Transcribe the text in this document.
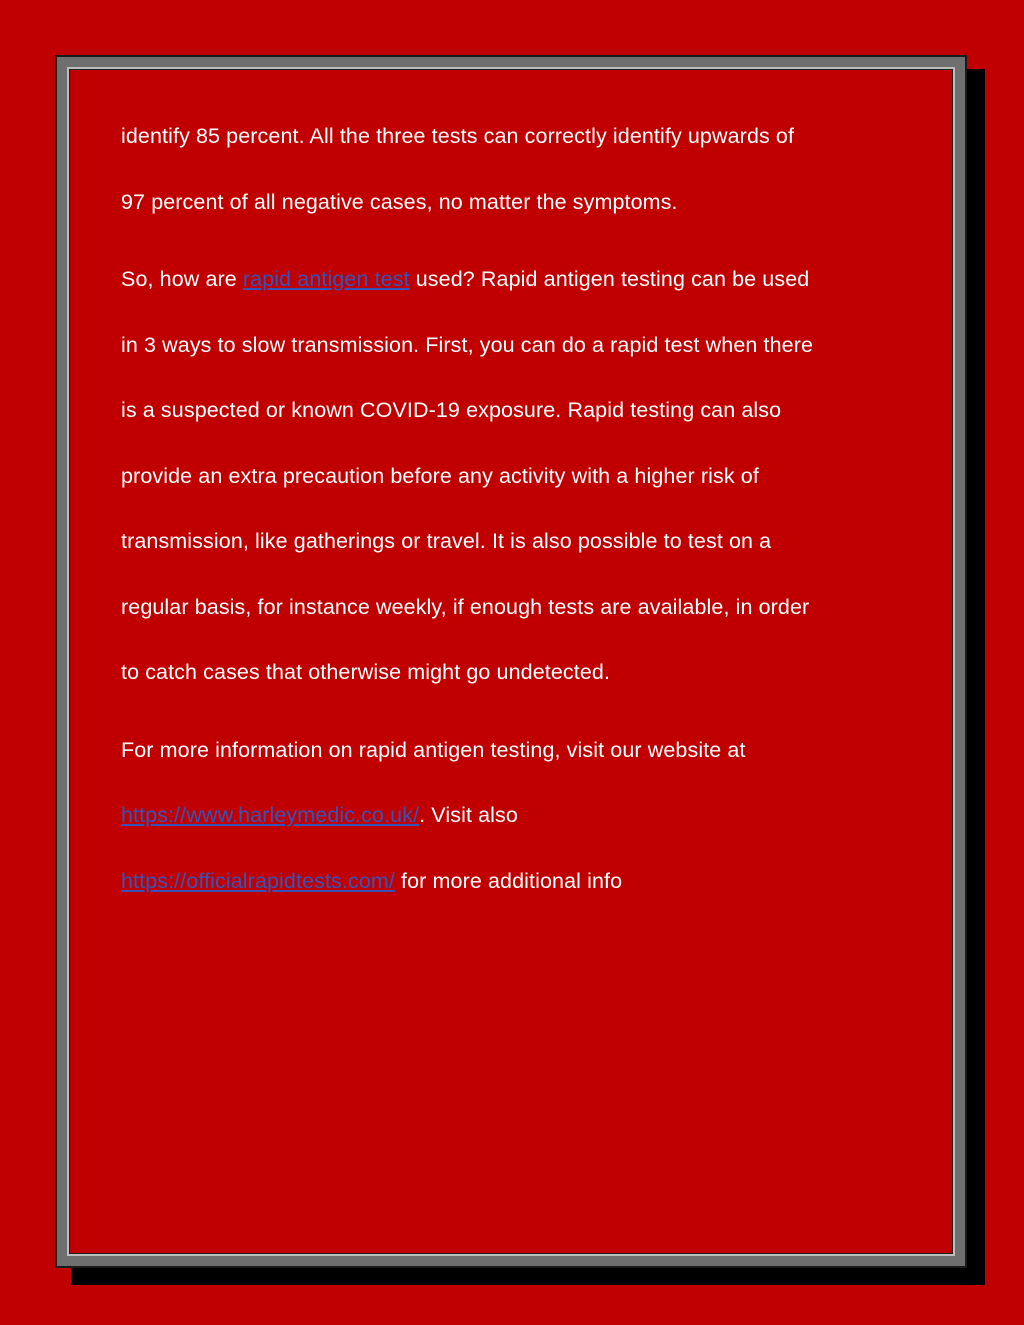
identify 85 percent. All the three tests can correctly identify upwards of
97 percent of all negative cases, no matter the symptoms.
So, how are rapid antigen test used? Rapid antigen testing can be used
in 3 ways to slow transmission. First, you can do a rapid test when there
is a suspected or known COVID-19 exposure. Rapid testing can also
provide an extra precaution before any activity with a higher risk of
transmission, like gatherings or travel. It is also possible to test on a
regular basis, for instance weekly, if enough tests are available, in order
to catch cases that otherwise might go undetected.
For more information on rapid antigen testing, visit our website at
https://www.harleymedic.co.uk/. Visit also
https://officialrapidtests.com/ for more additional info
